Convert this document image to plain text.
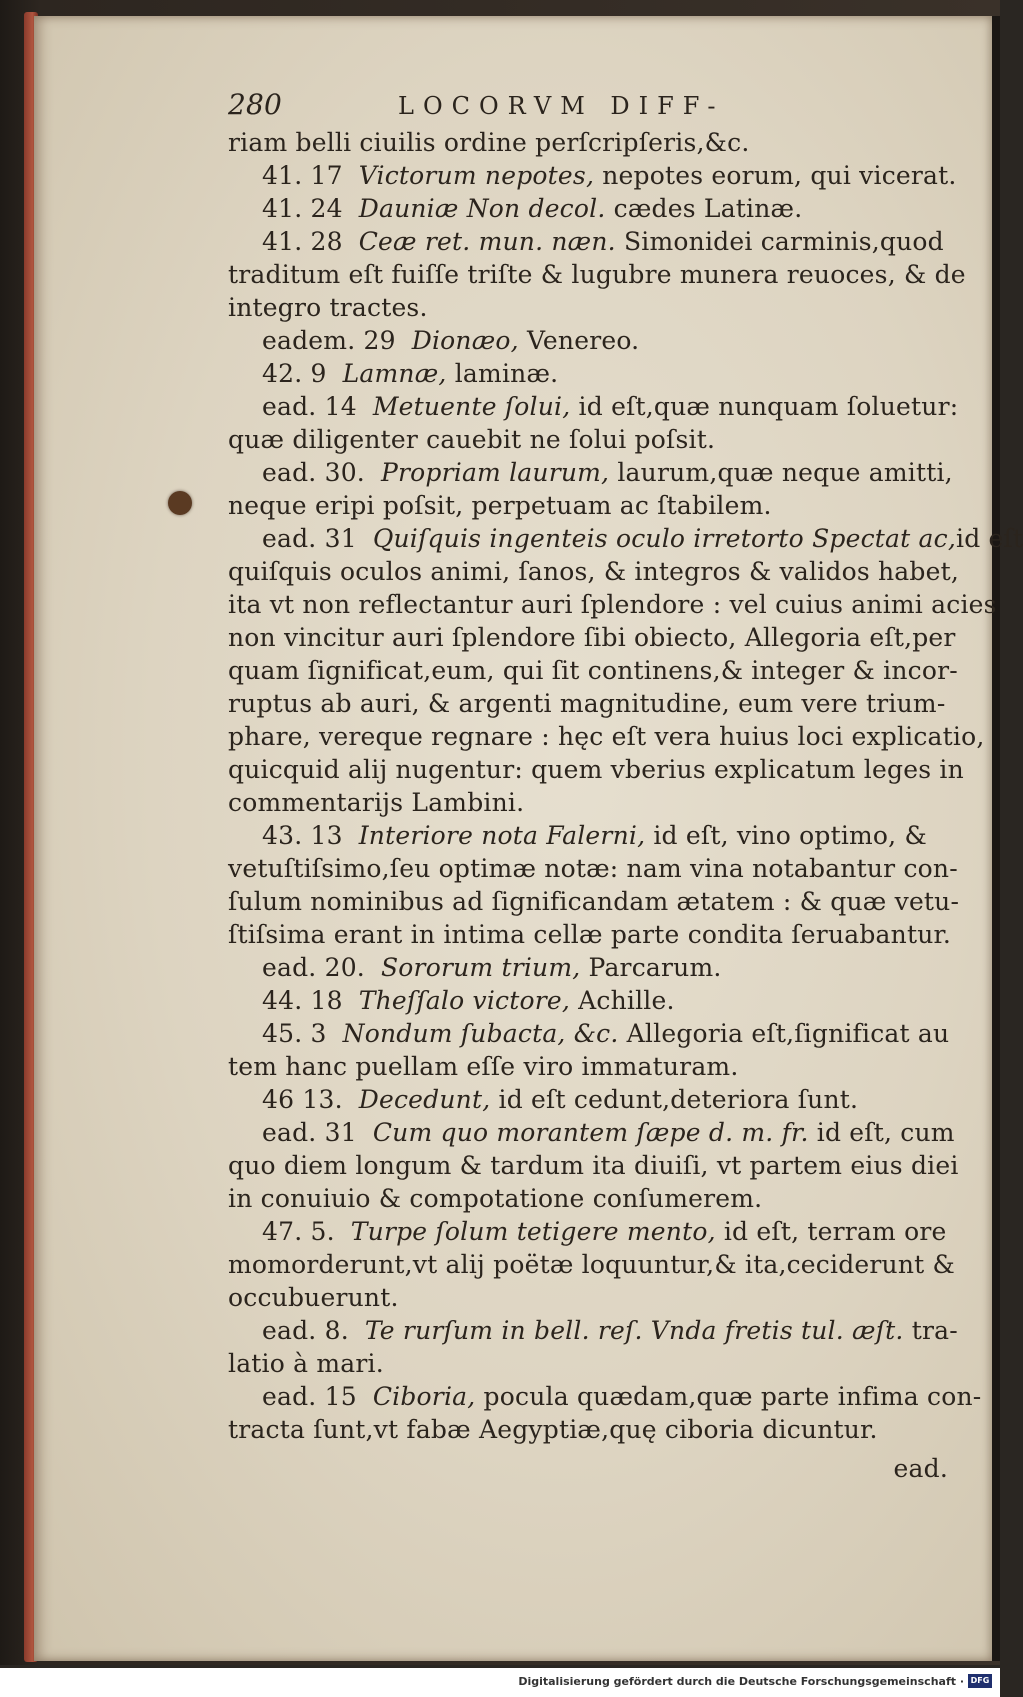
280	LOCORVM DIFF-
riam belli ciuilis ordine perſcripſeris,&c.
41. 17 Victorum nepotes, nepotes eorum, qui vicerat.
41. 24 Dauniæ Non decol. cædes Latinæ.
41. 28 Ceæ ret. mun. næn. Simonidei carminis,quod
traditum eſt fuiſſe triſte & lugubre munera reuoces, & de
integro tractes.
eadem. 29 Dionæo, Venereo.
42. 9 Lamnæ, laminæ.
ead. 14 Metuente ſolui, id eſt,quæ nunquam ſoluetur:
quæ diligenter cauebit ne ſolui poſsit.
ead. 30. Propriam laurum, laurum,quæ neque amitti,
neque eripi poſsit, perpetuam ac ſtabilem.
ead. 31 Quiſquis ingenteis oculo irretorto Spectat ac,id eſt
quiſquis oculos animi, ſanos, & integros & validos habet,
ita vt non reflectantur auri ſplendore : vel cuius animi acies
non vincitur auri ſplendore ſibi obiecto, Allegoria eſt,per
quam ſignificat,eum, qui ſit continens,& integer & incor-
ruptus ab auri, & argenti magnitudine, eum vere trium-
phare, vereque regnare : hęc eſt vera huius loci explicatio,
quicquid alij nugentur: quem vberius explicatum leges in
commentarijs Lambini.
43. 13 Interiore nota Falerni, id eſt, vino optimo, &
vetuſtiſsimo,ſeu optimæ notæ: nam vina notabantur con-
ſulum nominibus ad ſignificandam ætatem : & quæ vetu-
ſtiſsima erant in intima cellæ parte condita ſeruabantur.
ead. 20. Sororum trium, Parcarum.
44. 18 Theſſalo victore, Achille.
45. 3 Nondum ſubacta, &c. Allegoria eſt,ſignificat au
tem hanc puellam eſſe viro immaturam.
46 13. Decedunt, id eſt cedunt,deteriora ſunt.
ead. 31 Cum quo morantem ſæpe d. m. fr. id eſt, cum
quo diem longum & tardum ita diuiſi, vt partem eius diei
in conuiuio & compotatione conſumerem.
47. 5. Turpe ſolum tetigere mento, id eſt, terram ore
momorderunt,vt alij poëtæ loquuntur,& ita,ceciderunt &
occubuerunt.
ead. 8. Te rurſum in bell. reſ. Vnda fretis tul. æſt. tra-
latio à mari.
ead. 15 Ciboria, pocula quædam,quæ parte infima con-
tracta ſunt,vt fabæ Aegyptiæ,quę ciboria dicuntur.
ead.
Digitalisierung gefördert durch die Deutsche Forschungsgemeinschaft · DFG
